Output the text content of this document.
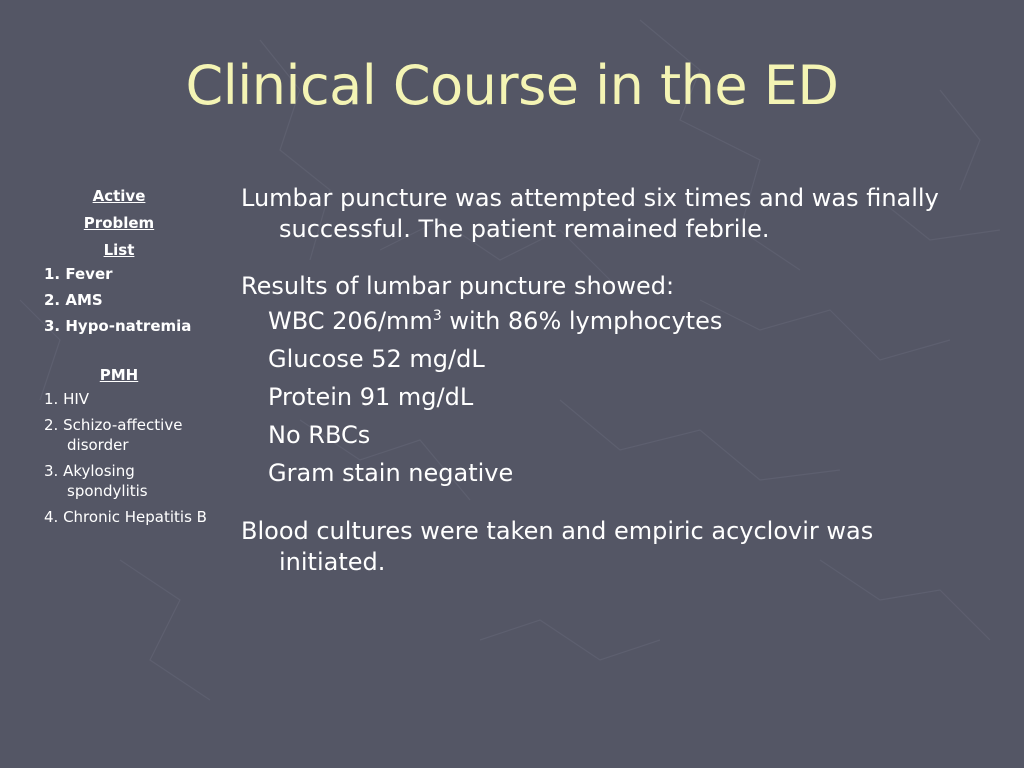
Clinical Course in the ED
Active
Problem
List
1. Fever
2. AMS
3. Hypo-natremia
PMH
1. HIV
2. Schizo-affective disorder
3. Akylosing spondylitis
4. Chronic Hepatitis B
Lumbar puncture was attempted six times and was finally successful. The patient remained febrile.
Results of lumbar puncture showed:
WBC $206/mm^3$ with 86% lymphocytes
Glucose 52 mg/dL
Protein 91 mg/dL
No RBCs
Gram stain negative
Blood cultures were taken and empiric acyclovir was initiated.
